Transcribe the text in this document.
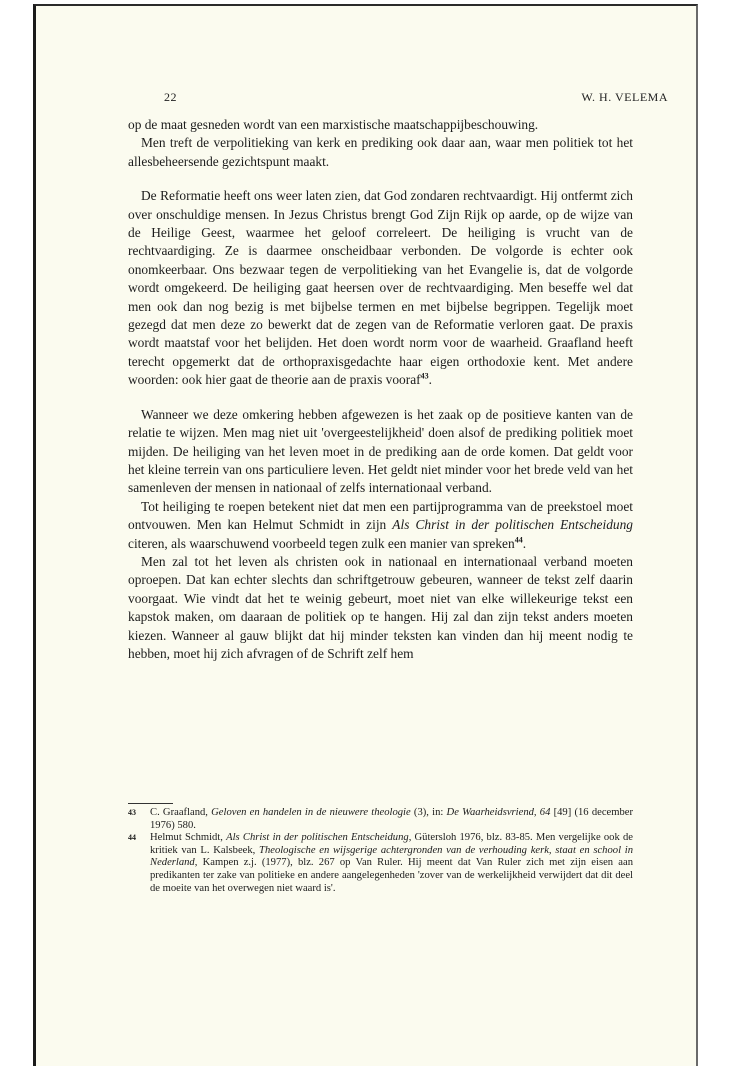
22	W. H. VELEMA

op de maat gesneden wordt van een marxistische maatschappijbeschouwing.

Men treft de verpolitieking van kerk en prediking ook daar aan, waar men politiek tot het allesbeheersende gezichtspunt maakt.

De Reformatie heeft ons weer laten zien, dat God zondaren rechtvaardigt. Hij ontfermt zich over onschuldige mensen. In Jezus Christus brengt God Zijn Rijk op aarde, op de wijze van de Heilige Geest, waarmee het geloof correleert. De heiliging is vrucht van de rechtvaardiging. Ze is daarmee onscheidbaar verbonden. De volgorde is echter ook onomkeerbaar. Ons bezwaar tegen de verpolitieking van het Evangelie is, dat de volgorde wordt omgekeerd. De heiliging gaat heersen over de rechtvaardiging. Men beseffe wel dat men ook dan nog bezig is met bijbelse termen en met bijbelse begrippen. Tegelijk moet gezegd dat men deze zo bewerkt dat de zegen van de Reformatie verloren gaat. De praxis wordt maatstaf voor het belijden. Het doen wordt norm voor de waarheid. Graafland heeft terecht opgemerkt dat de orthopraxisgedachte haar eigen orthodoxie kent. Met andere woorden: ook hier gaat de theorie aan de praxis vooraf$^{43}$.

Wanneer we deze omkering hebben afgewezen is het zaak op de positieve kanten van de relatie te wijzen. Men mag niet uit 'overgeestelijkheid' doen alsof de prediking politiek moet mijden. De heiliging van het leven moet in de prediking aan de orde komen. Dat geldt voor het kleine terrein van ons particuliere leven. Het geldt niet minder voor het brede veld van het samenleven der mensen in nationaal of zelfs internationaal verband.

Tot heiliging te roepen betekent niet dat men een partijprogramma van de preekstoel moet ontvouwen. Men kan Helmut Schmidt in zijn Als Christ in der politischen Entscheidung citeren, als waarschuwend voorbeeld tegen zulk een manier van spreken$^{44}$.

Men zal tot het leven als christen ook in nationaal en internationaal verband moeten oproepen. Dat kan echter slechts dan schriftgetrouw gebeuren, wanneer de tekst zelf daarin voorgaat. Wie vindt dat het te weinig gebeurt, moet niet van elke willekeurige tekst een kapstok maken, om daaraan de politiek op te hangen. Hij zal dan zijn tekst anders moeten kiezen. Wanneer al gauw blijkt dat hij minder teksten kan vinden dan hij meent nodig te hebben, moet hij zich afvragen of de Schrift zelf hem

43	C. Graafland, Geloven en handelen in de nieuwere theologie (3), in: De Waarheidsvriend, 64 [49] (16 december 1976) 580.
44	Helmut Schmidt, Als Christ in der politischen Entscheidung, Gütersloh 1976, blz. 83-85. Men vergelijke ook de kritiek van L. Kalsbeek, Theologische en wijsgerige achtergronden van de verhouding kerk, staat en school in Nederland, Kampen z.j. (1977), blz. 267 op Van Ruler. Hij meent dat Van Ruler zich met zijn eisen aan predikanten ter zake van politieke en andere aangelegenheden 'zover van de werkelijkheid verwijdert dat dit deel de moeite van het overwegen niet waard is'.
